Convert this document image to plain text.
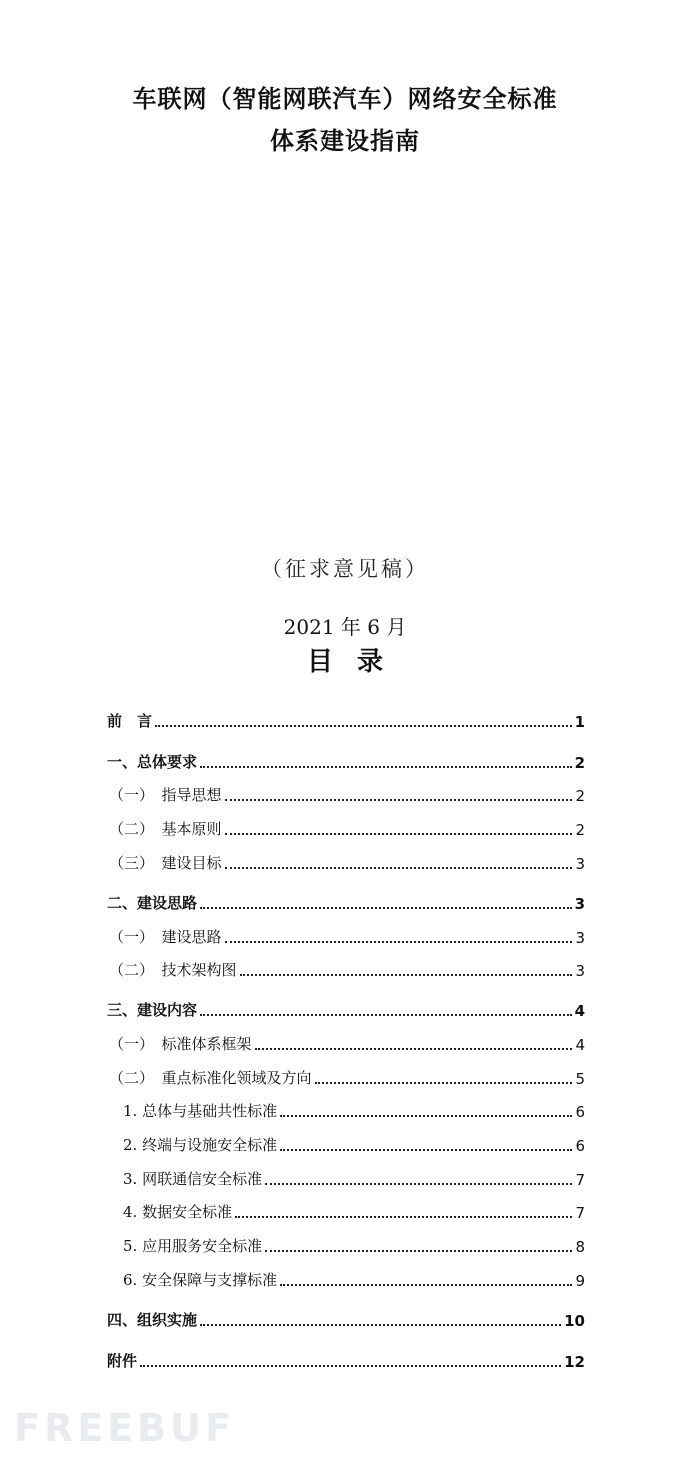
车联网（智能网联汽车）网络安全标准
体系建设指南
（征求意见稿）
2021 年 6 月
目录
前　言	1
一、总体要求	2
（一）　指导思想	2
（二）　基本原则	2
（三）　建设目标	3
二、建设思路	3
（一）　建设思路	3
（二）　技术架构图	3
三、建设内容	4
（一）　标准体系框架	4
（二）　重点标准化领域及方向	5
1. 总体与基础共性标准	6
2. 终端与设施安全标准	6
3. 网联通信安全标准	7
4. 数据安全标准	7
5. 应用服务安全标准	8
6. 安全保障与支撑标准	9
四、组织实施	10
附件	12
FREEBUF
